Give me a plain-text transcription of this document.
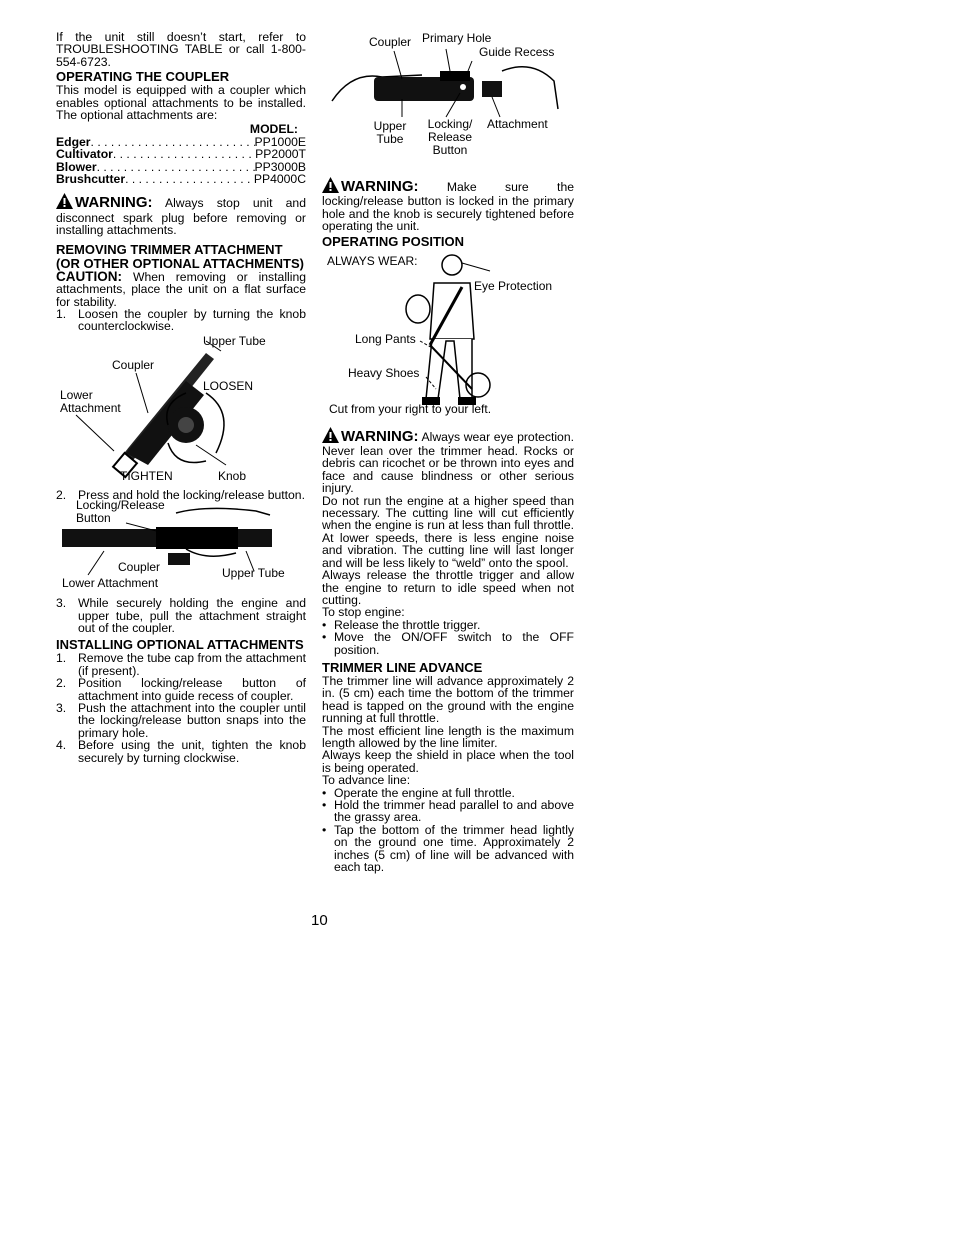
If the unit still doesn’t start, refer to TROUBLESHOOTING TABLE or call 1-800-554-6723.

OPERATING THE COUPLER

This model is equipped with a coupler which enables optional attachments to be installed. The optional attachments are:

MODEL:
Edger . . .	PP1000E
Cultivator . . .	PP2000T
Blower . . .	PP3000B
Brushcutter . . .	PP4000C

WARNING: Always stop unit and disconnect spark plug before removing or installing attachments.

REMOVING TRIMMER ATTACHMENT (OR OTHER OPTIONAL ATTACHMENTS)

CAUTION: When removing or installing attachments, place the unit on a flat surface for stability.

1. Loosen the coupler by turning the knob counterclockwise.
Upper Tube
Coupler
LOOSEN
Lower Attachment
TIGHTEN	Knob
2. Press and hold the locking/release button.
Locking/Release Button
Coupler	Upper Tube
Lower Attachment
3. While securely holding the engine and upper tube, pull the attachment straight out of the coupler.
INSTALLING OPTIONAL ATTACHMENTS
1. Remove the tube cap from the attachment (if present).
2. Position locking/release button of attachment into guide recess of coupler.
3. Push the attachment into the coupler until the locking/release button snaps into the primary hole.
4. Before using the unit, tighten the knob securely by turning clockwise.
Coupler Primary Hole
Guide Recess
Upper Tube
Locking/ Release Button
Attachment

WARNING: Make sure the locking/release button is locked in the primary hole and the knob is securely tightened before operating the unit.

OPERATING POSITION
ALWAYS WEAR:
Eye Protection
Long Pants
Heavy Shoes
Cut from your right to your left.

WARNING: Always wear eye protection. Never lean over the trimmer head. Rocks or debris can ricochet or be thrown into eyes and face and cause blindness or other serious injury.

Do not run the engine at a higher speed than necessary. The cutting line will cut efficiently when the engine is run at less than full throttle. At lower speeds, there is less engine noise and vibration. The cutting line will last longer and will be less likely to “weld” onto the spool.

Always release the throttle trigger and allow the engine to return to idle speed when not cutting.

To stop engine:

• Release the throttle trigger.
• Move the ON/OFF switch to the OFF position.
TRIMMER LINE ADVANCE

The trimmer line will advance approximately 2 in. (5 cm) each time the bottom of the trimmer head is tapped on the ground with the engine running at full throttle.

The most efficient line length is the maximum length allowed by the line limiter.

Always keep the shield in place when the tool is being operated.

To advance line:

• Operate the engine at full throttle.
• Hold the trimmer head parallel to and above the grassy area.
• Tap the bottom of the trimmer head lightly on the ground one time. Approximately 2 inches (5 cm) of line will be advanced with each tap.
10
